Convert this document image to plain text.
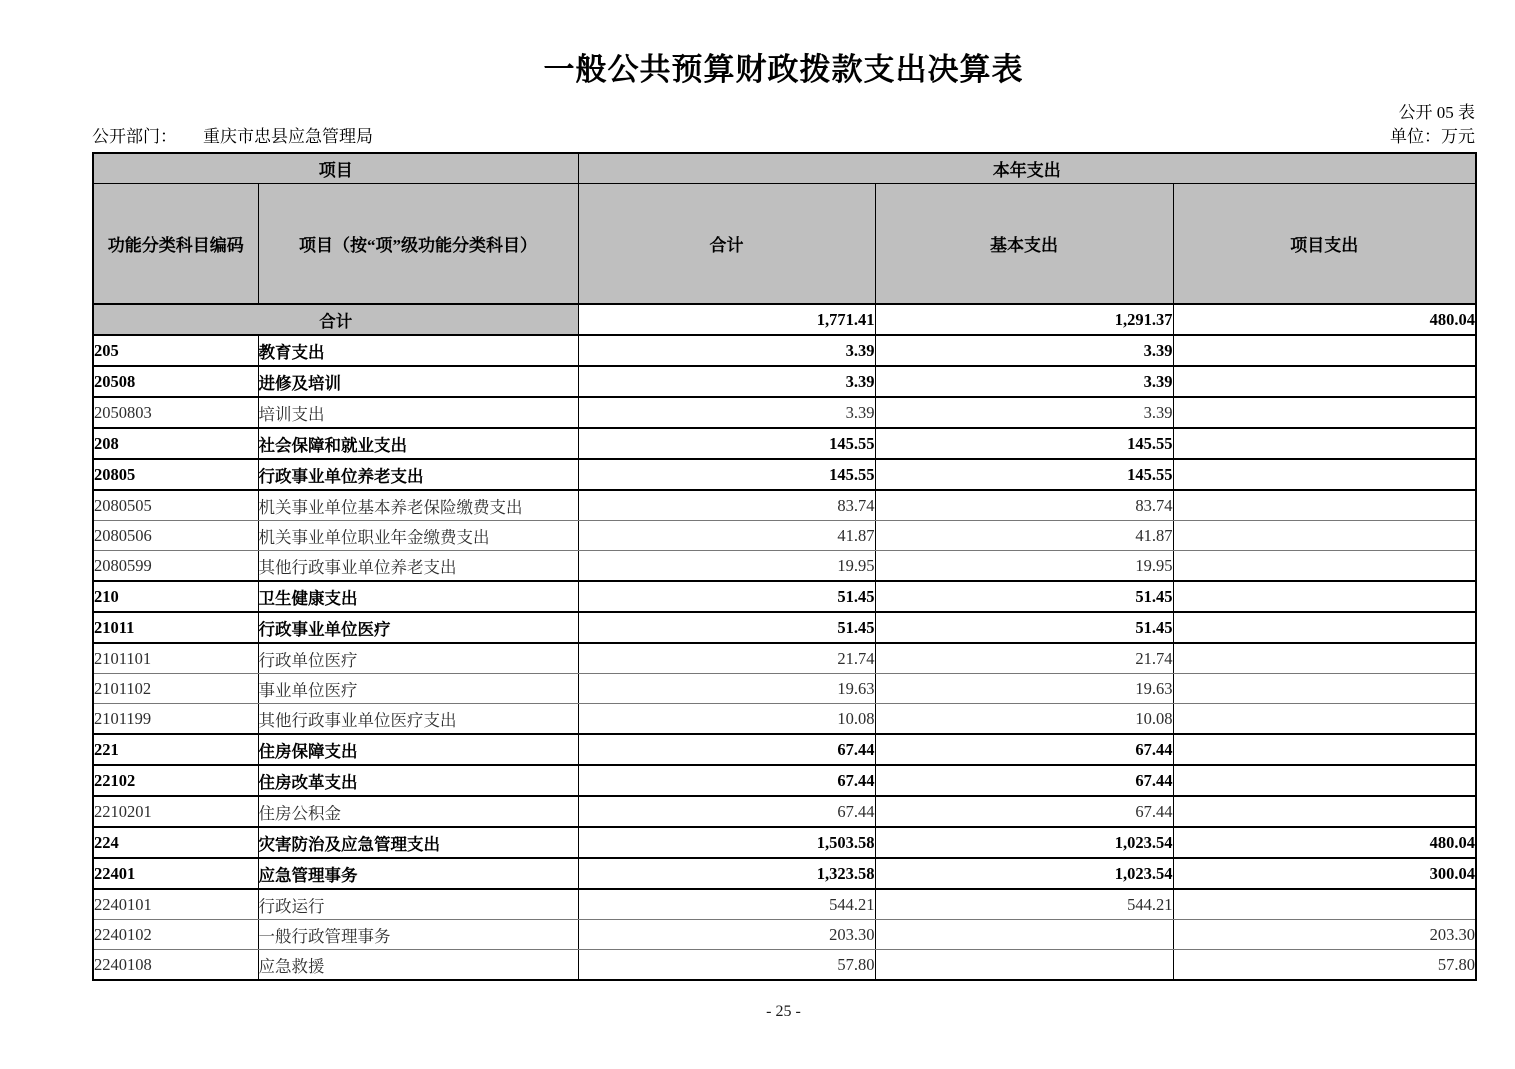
一般公共预算财政拨款支出决算表
公开 05 表
公开部门： 重庆市忠县应急管理局	单位：万元
项目		本年支出		
功能分类科目编码	项目（按“项”级功能分类科目）	合计	基本支出	项目支出
合计		1,771.41	1,291.37	480.04
205	教育支出	3.39	3.39	
20508	进修及培训	3.39	3.39	
2050803	培训支出	3.39	3.39	
208	社会保障和就业支出	145.55	145.55	
20805	行政事业单位养老支出	145.55	145.55	
2080505	机关事业单位基本养老保险缴费支出	83.74	83.74	
2080506	机关事业单位职业年金缴费支出	41.87	41.87	
2080599	其他行政事业单位养老支出	19.95	19.95	
210	卫生健康支出	51.45	51.45	
21011	行政事业单位医疗	51.45	51.45	
2101101	行政单位医疗	21.74	21.74	
2101102	事业单位医疗	19.63	19.63	
2101199	其他行政事业单位医疗支出	10.08	10.08	
221	住房保障支出	67.44	67.44	
22102	住房改革支出	67.44	67.44	
2210201	住房公积金	67.44	67.44	
224	灾害防治及应急管理支出	1,503.58	1,023.54	480.04
22401	应急管理事务	1,323.58	1,023.54	300.04
2240101	行政运行	544.21	544.21	
2240102	一般行政管理事务	203.30		203.30
2240108	应急救援	57.80		57.80
- 25 -
